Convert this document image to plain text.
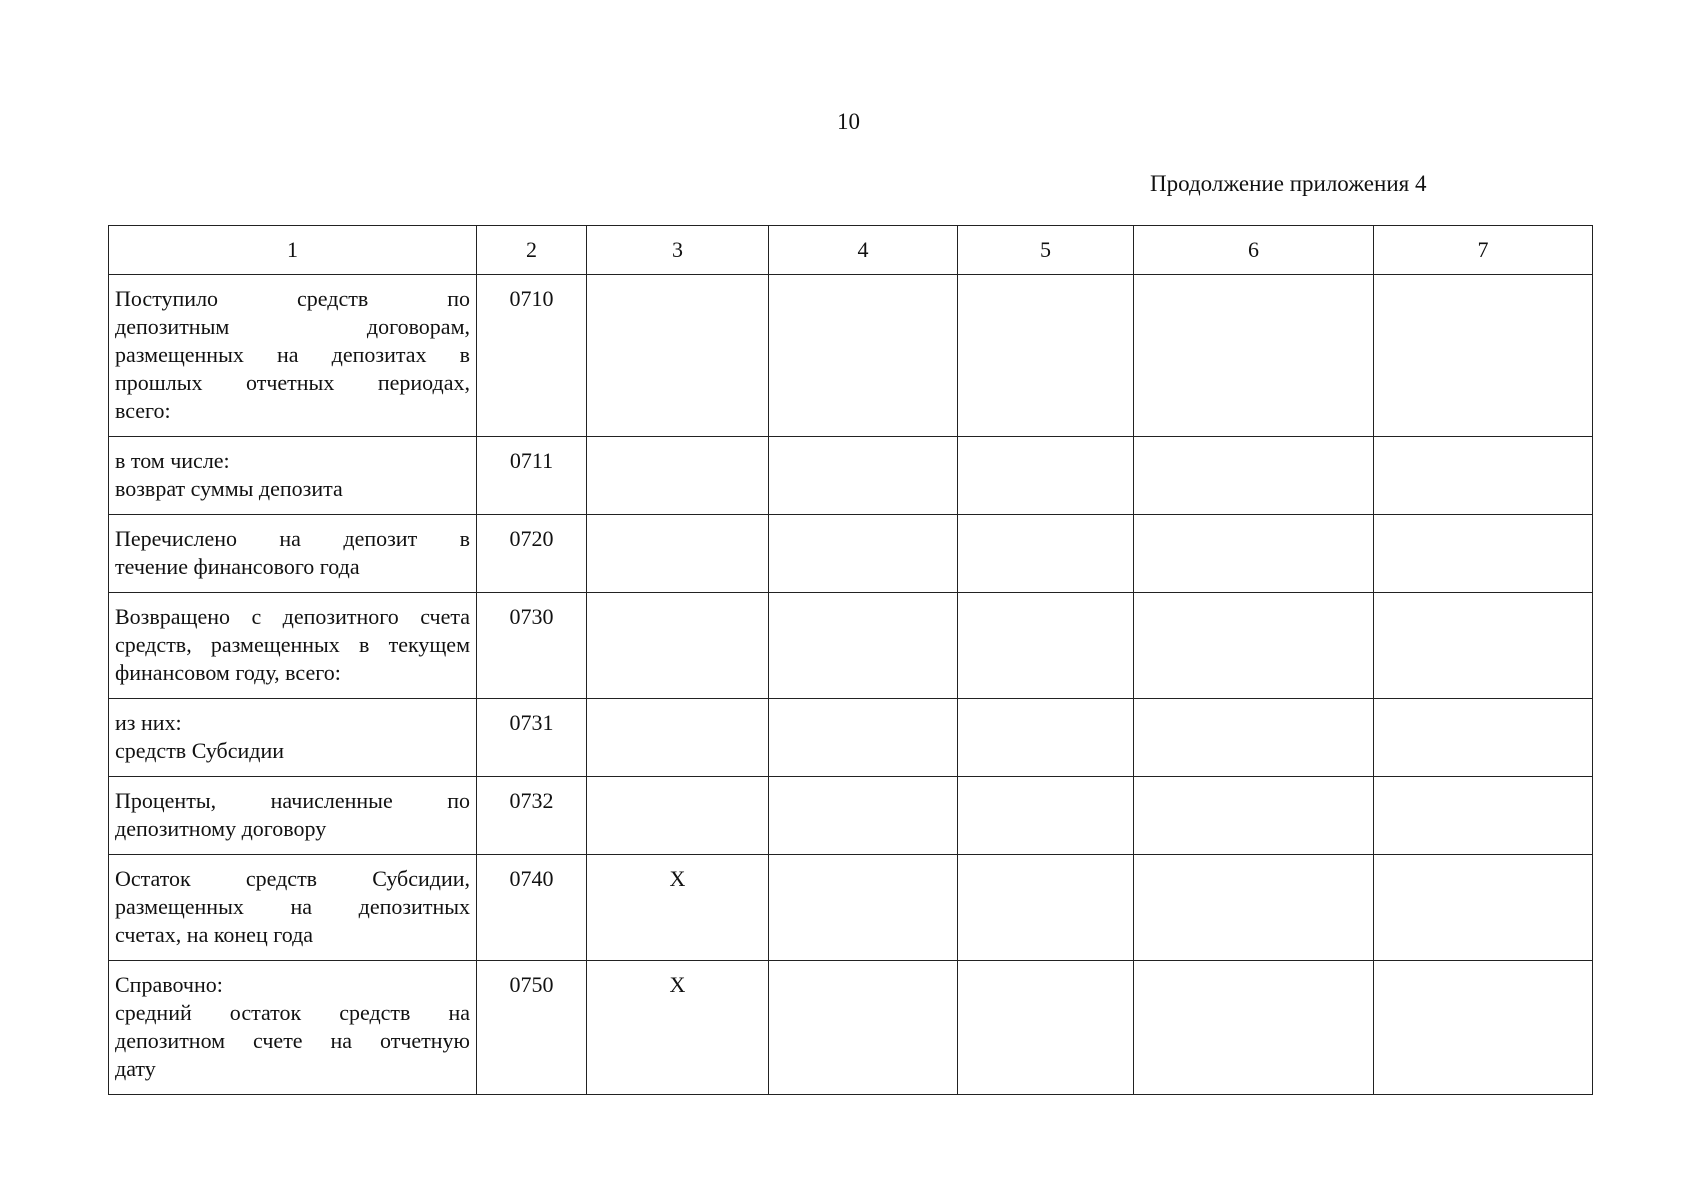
10
Продолжение приложения 4
1	2	3	4	5	6	7

Поступило средств по
депозитным договорам,
размещенных на депозитах в
прошлых отчетных периодах,
всего:	0710					

в том числе:
возврат суммы депозита	0711					

Перечислено на депозит в
течение финансового года	0720					

Возвращено с депозитного счета
средств, размещенных в текущем
финансовом году, всего:	0730					

из них:
средств Субсидии	0731					

Проценты, начисленные по
депозитному договору	0732					

Остаток средств Субсидии,
размещенных на депозитных
счетах, на конец года	0740	X				

Справочно:
средний остаток средств на
депозитном счете на отчетную
дату	0750	X				
